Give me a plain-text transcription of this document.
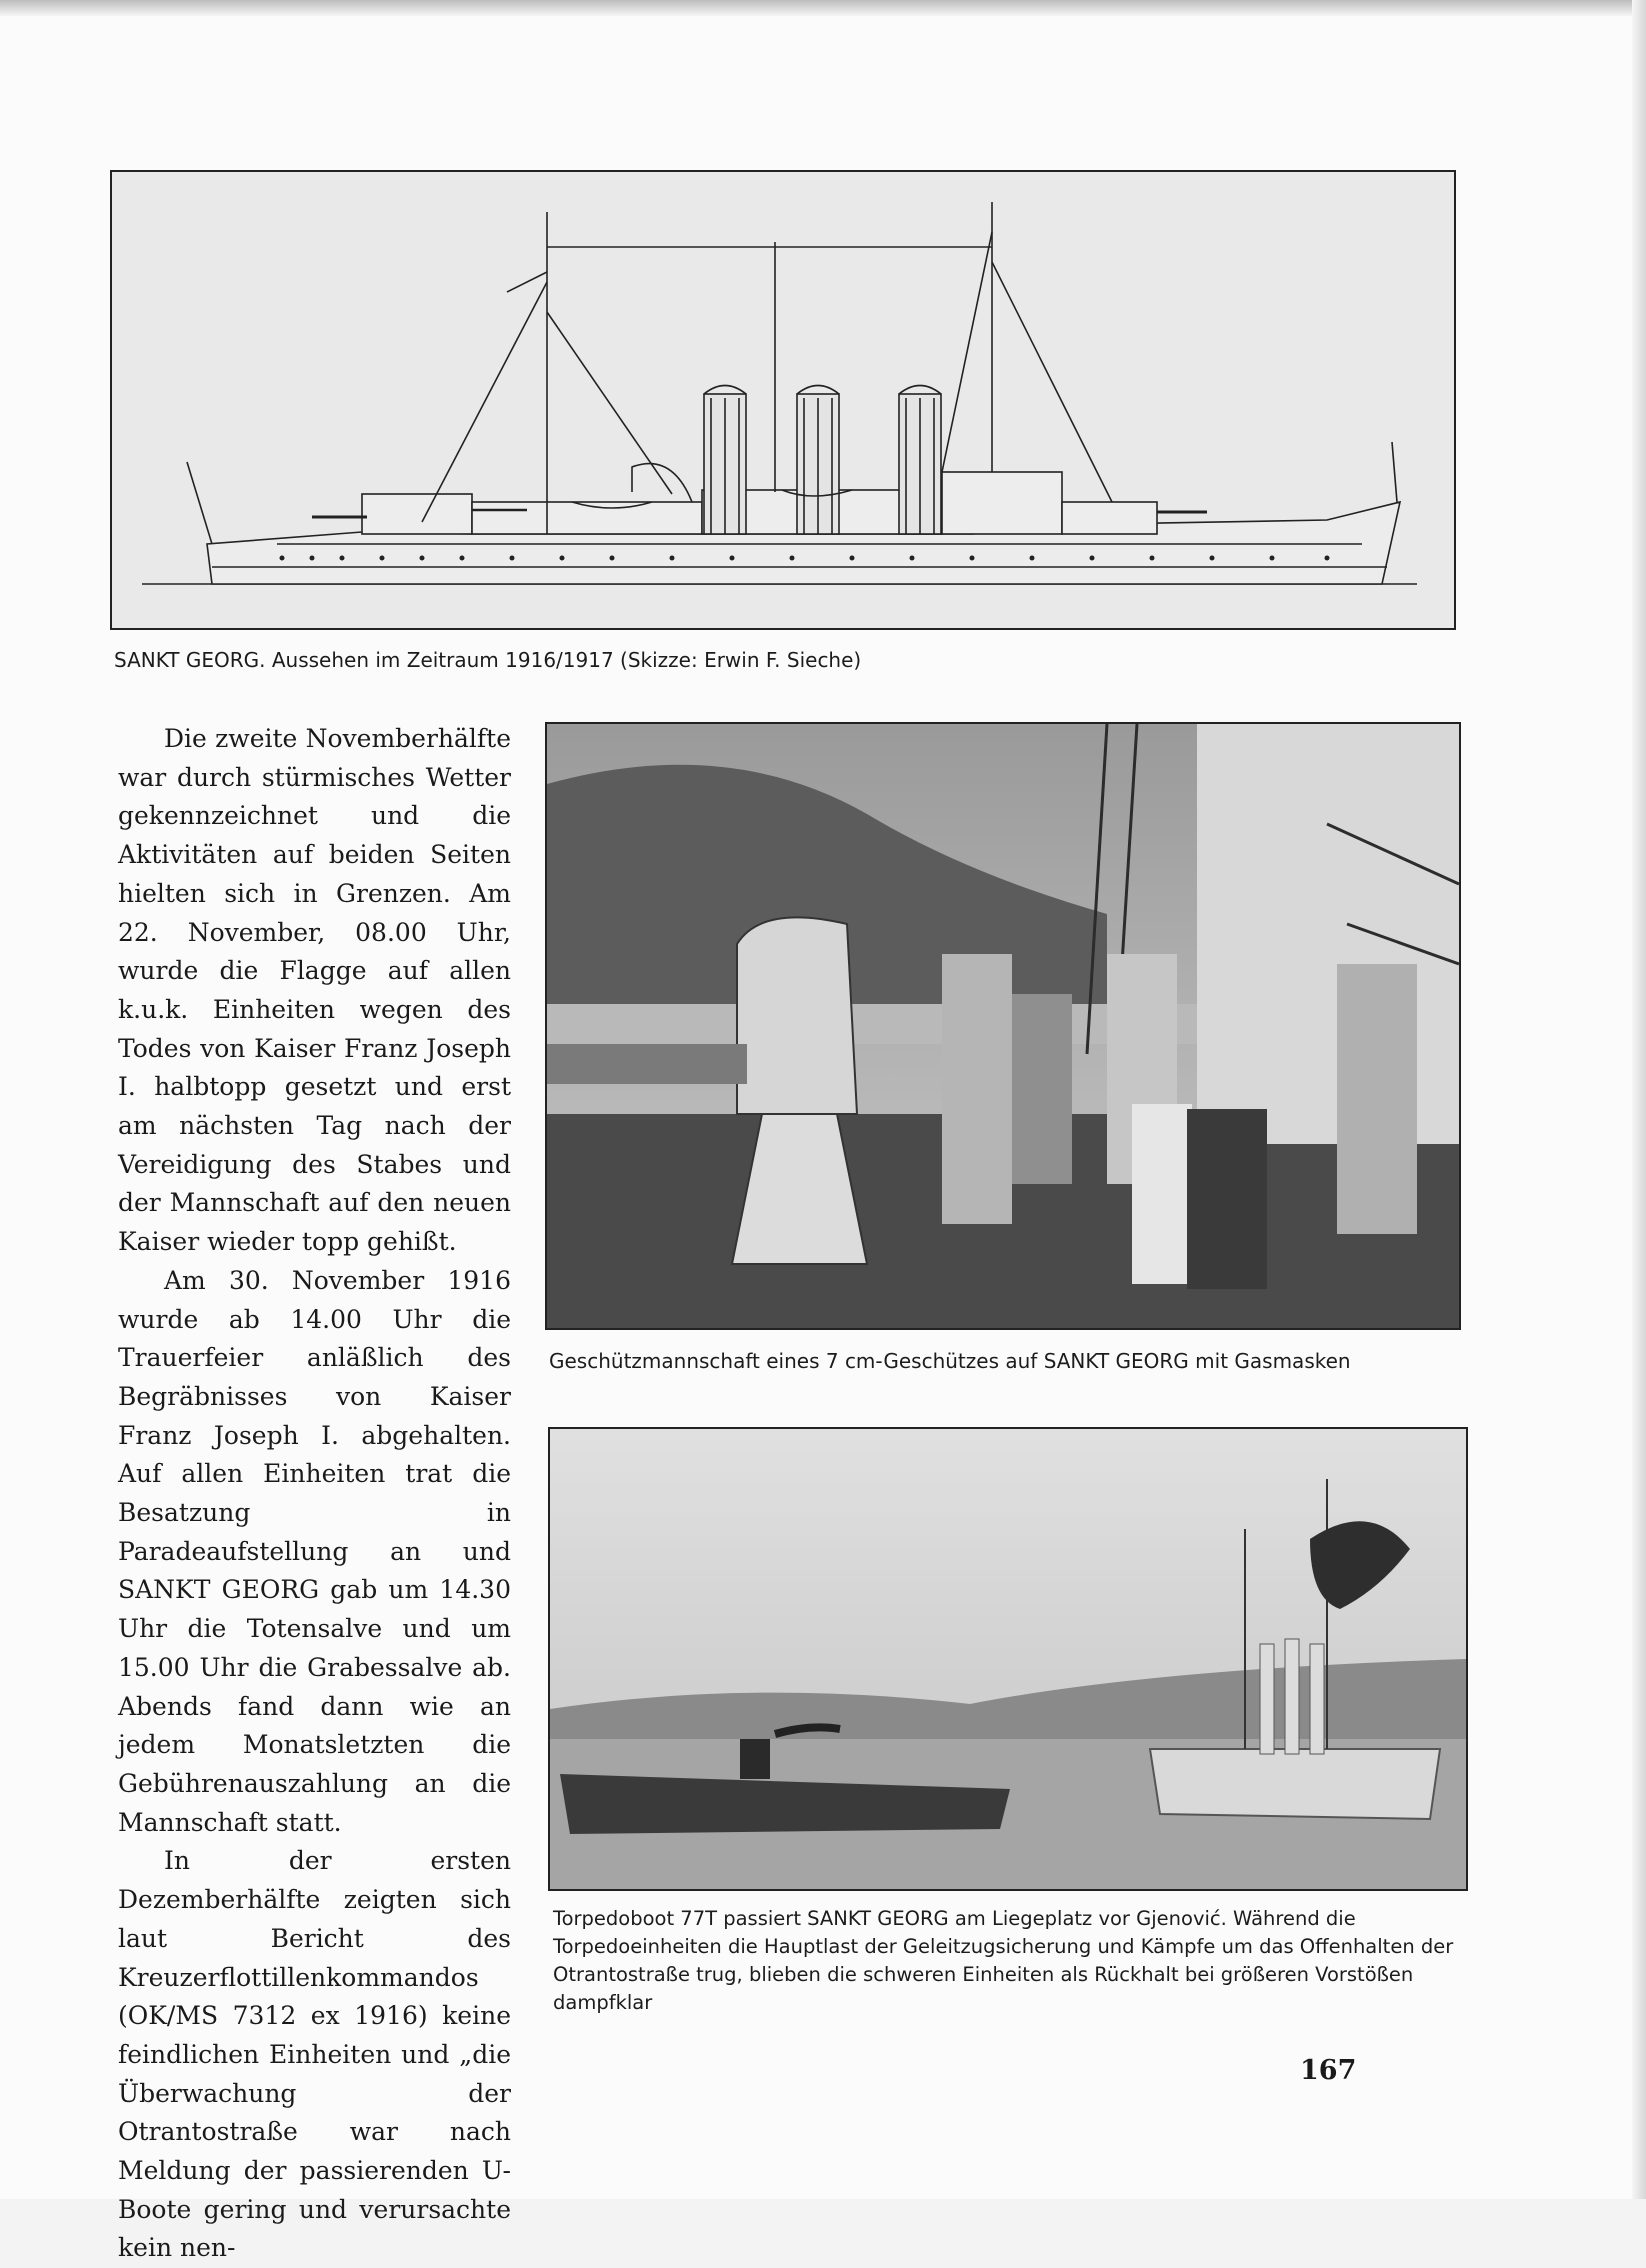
SANKT GEORG. Aussehen im Zeitraum 1916/1917 (Skizze: Erwin F. Sieche)

Die zweite Novemberhälfte war durch stürmisches Wetter gekennzeichnet und die Aktivitäten auf beiden Seiten hielten sich in Grenzen. Am 22. November, 08.00 Uhr, wurde die Flagge auf allen k.u.k. Einheiten wegen des Todes von Kaiser Franz Joseph I. halbtopp gesetzt und erst am nächsten Tag nach der Vereidigung des Stabes und der Mannschaft auf den neuen Kaiser wieder topp gehißt.

Am 30. November 1916 wurde ab 14.00 Uhr die Trauerfeier anläßlich des Begräbnisses von Kaiser Franz Joseph I. abgehalten. Auf allen Einheiten trat die Besatzung in Paradeaufstellung an und SANKT GEORG gab um 14.30 Uhr die Totensalve und um 15.00 Uhr die Grabessalve ab. Abends fand dann wie an jedem Monatsletzten die Gebührenauszahlung an die Mannschaft statt.

In der ersten Dezemberhälfte zeigten sich laut Bericht des Kreuzerflottillenkommandos (OK/MS 7312 ex 1916) keine feindlichen Einheiten und „die Überwachung der Otrantostraße war nach Meldung der passierenden U-Boote gering und verursachte kein nen-

Geschützmannschaft eines 7 cm-Geschützes auf SANKT GEORG mit Gasmasken
Torpedoboot 77T passiert SANKT GEORG am Liegeplatz vor Gjenović. Während die Torpedoeinheiten die Hauptlast der Geleitzugsicherung und Kämpfe um das Offenhalten der Otrantostraße trug, blieben die schweren Einheiten als Rückhalt bei größeren Vorstößen dampfklar
167
